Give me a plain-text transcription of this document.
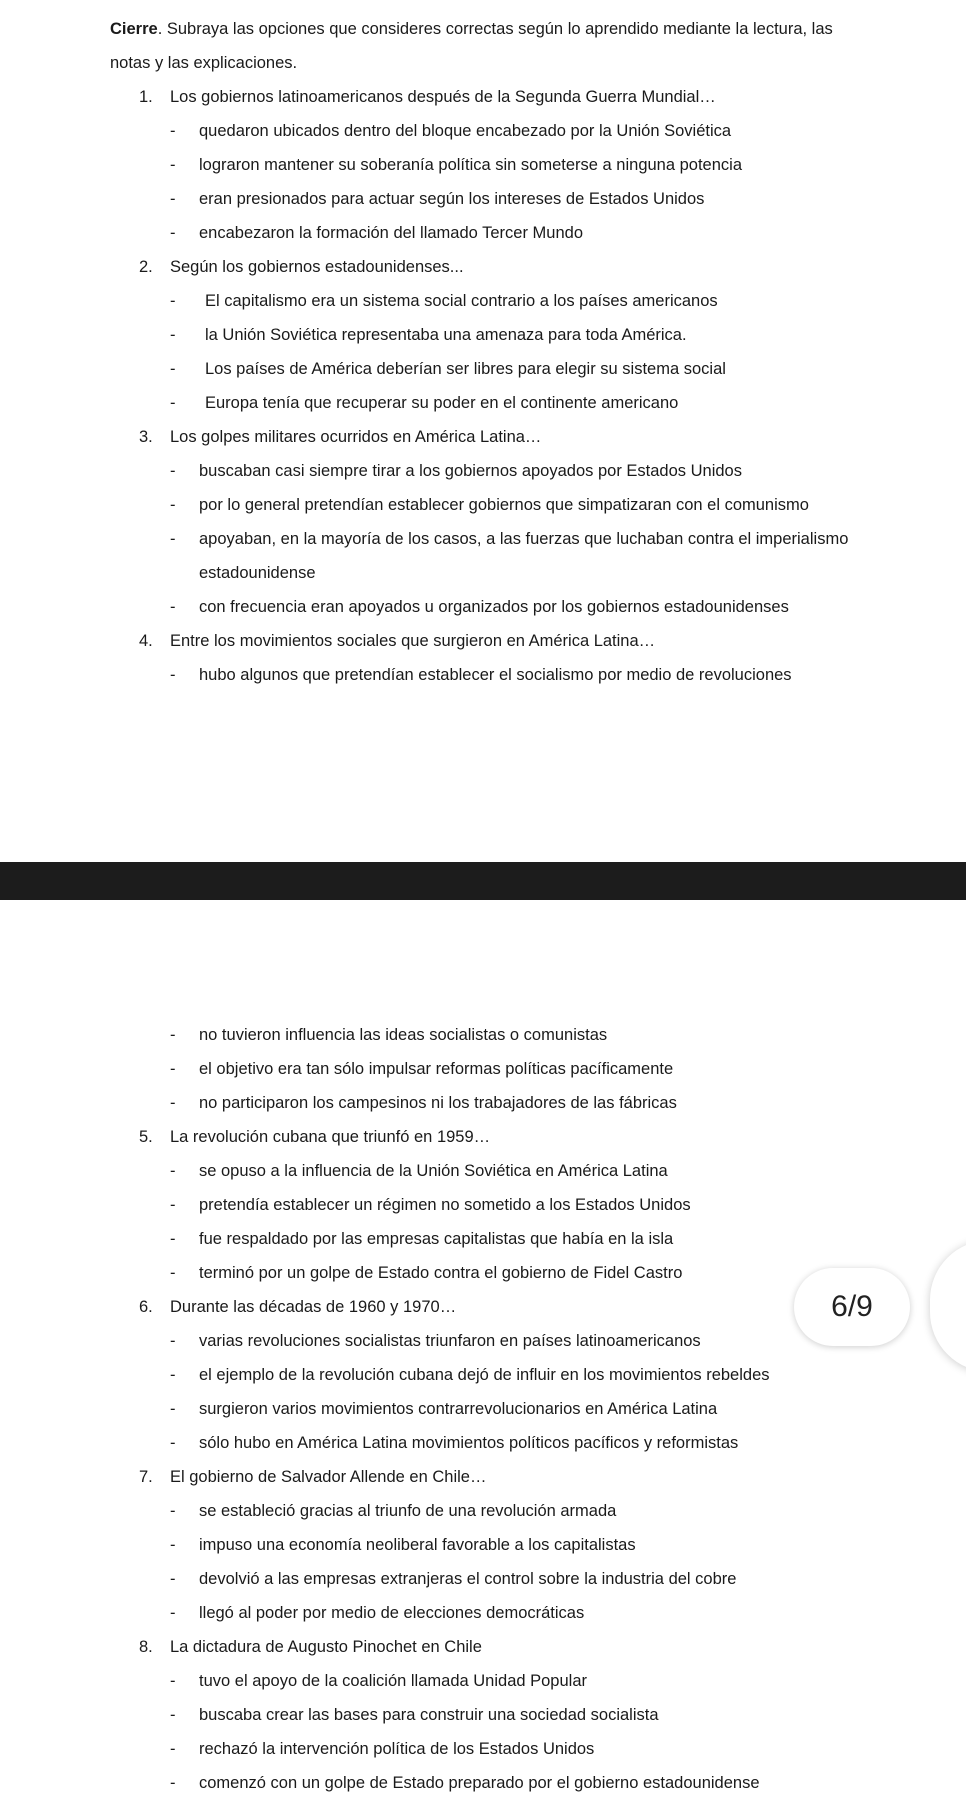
Cierre. Subraya las opciones que consideres correctas según lo aprendido mediante la lectura, las notas y las explicaciones.

1. Los gobiernos latinoamericanos después de la Segunda Guerra Mundial…
- quedaron ubicados dentro del bloque encabezado por la Unión Soviética
- lograron mantener su soberanía política sin someterse a ninguna potencia
- eran presionados para actuar según los intereses de Estados Unidos
- encabezaron la formación del llamado Tercer Mundo
2. Según los gobiernos estadounidenses...
- El capitalismo era un sistema social contrario a los países americanos
- la Unión Soviética representaba una amenaza para toda América.
- Los países de América deberían ser libres para elegir su sistema social
- Europa tenía que recuperar su poder en el continente americano
3. Los golpes militares ocurridos en América Latina…
- buscaban casi siempre tirar a los gobiernos apoyados por Estados Unidos
- por lo general pretendían establecer gobiernos que simpatizaran con el comunismo
- apoyaban, en la mayoría de los casos, a las fuerzas que luchaban contra el imperialismo estadounidense
- con frecuencia eran apoyados u organizados por los gobiernos estadounidenses
4. Entre los movimientos sociales que surgieron en América Latina…
- hubo algunos que pretendían establecer el socialismo por medio de revoluciones
- no tuvieron influencia las ideas socialistas o comunistas
- el objetivo era tan sólo impulsar reformas políticas pacíficamente
- no participaron los campesinos ni los trabajadores de las fábricas
5. La revolución cubana que triunfó en 1959…
- se opuso a la influencia de la Unión Soviética en América Latina
- pretendía establecer un régimen no sometido a los Estados Unidos
- fue respaldado por las empresas capitalistas que había en la isla
- terminó por un golpe de Estado contra el gobierno de Fidel Castro
6. Durante las décadas de 1960 y 1970…
- varias revoluciones socialistas triunfaron en países latinoamericanos
- el ejemplo de la revolución cubana dejó de influir en los movimientos rebeldes
- surgieron varios movimientos contrarrevolucionarios en América Latina
- sólo hubo en América Latina movimientos políticos pacíficos y reformistas
7. El gobierno de Salvador Allende en Chile…
- se estableció gracias al triunfo de una revolución armada
- impuso una economía neoliberal favorable a los capitalistas
- devolvió a las empresas extranjeras el control sobre la industria del cobre
- llegó al poder por medio de elecciones democráticas
8. La dictadura de Augusto Pinochet en Chile
- tuvo el apoyo de la coalición llamada Unidad Popular
- buscaba crear las bases para construir una sociedad socialista
- rechazó la intervención política de los Estados Unidos
- comenzó con un golpe de Estado preparado por el gobierno estadounidense
6/9
